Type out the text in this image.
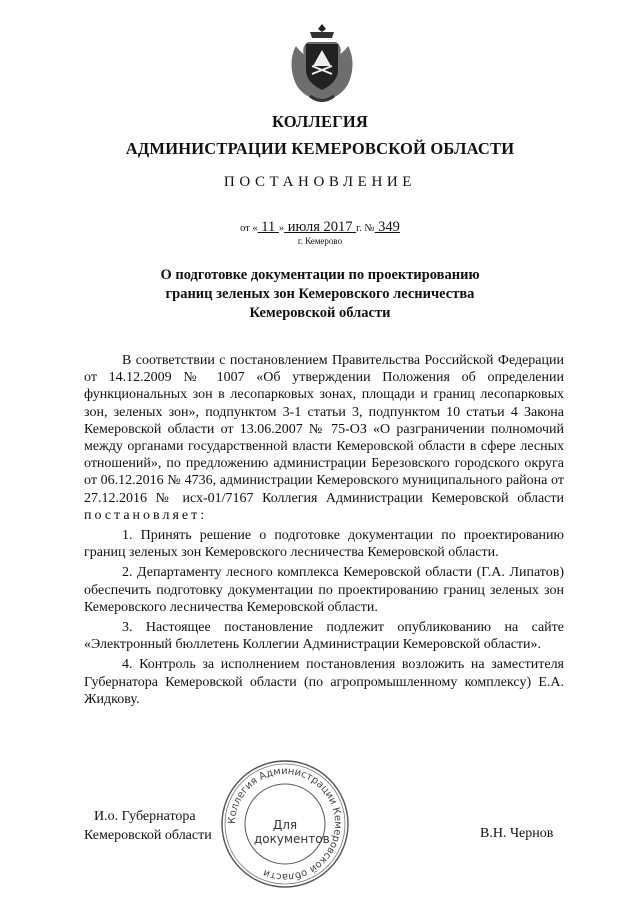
КОЛЛЕГИЯ
АДМИНИСТРАЦИИ КЕМЕРОВСКОЙ ОБЛАСТИ
ПОСТАНОВЛЕНИЕ
от « 11 » июля 2017 г. № 349
г. Кемерово
О подготовке документации по проектированию
границ зеленых зон Кемеровского лесничества
Кемеровской области

В соответствии с постановлением Правительства Российской Федерации от 14.12.2009 № 1007 «Об утверждении Положения об определении функциональных зон в лесопарковых зонах, площади и границ лесопарковых зон, зеленых зон», подпунктом 3-1 статьи 3, подпунктом 10 статьи 4 Закона Кемеровской области от 13.06.2007 № 75-ОЗ «О разграничении полномочий между органами государственной власти Кемеровской области в сфере лесных отношений», по предложению администрации Березовского городского округа от 06.12.2016 № 4736, администрации Кемеровского муниципального района от 27.12.2016 № исх-01/7167 Коллегия Администрации Кемеровской области постановляет:

1. Принять решение о подготовке документации по проектированию границ зеленых зон Кемеровского лесничества Кемеровской области.

2. Департаменту лесного комплекса Кемеровской области (Г.А. Липатов) обеспечить подготовку документации по проектированию границ зеленых зон Кемеровского лесничества Кемеровской области.

3. Настоящее постановление подлежит опубликованию на сайте «Электронный бюллетень Коллегии Администрации Кемеровской области».

4. Контроль за исполнением постановления возложить на заместителя Губернатора Кемеровской области (по агропромышленному комплексу) Е.А. Жидкову.

Коллегия Администрации Кемеровской области
Для
документов
И.о. Губернатора
Кемеровской области	В.Н. Чернов
